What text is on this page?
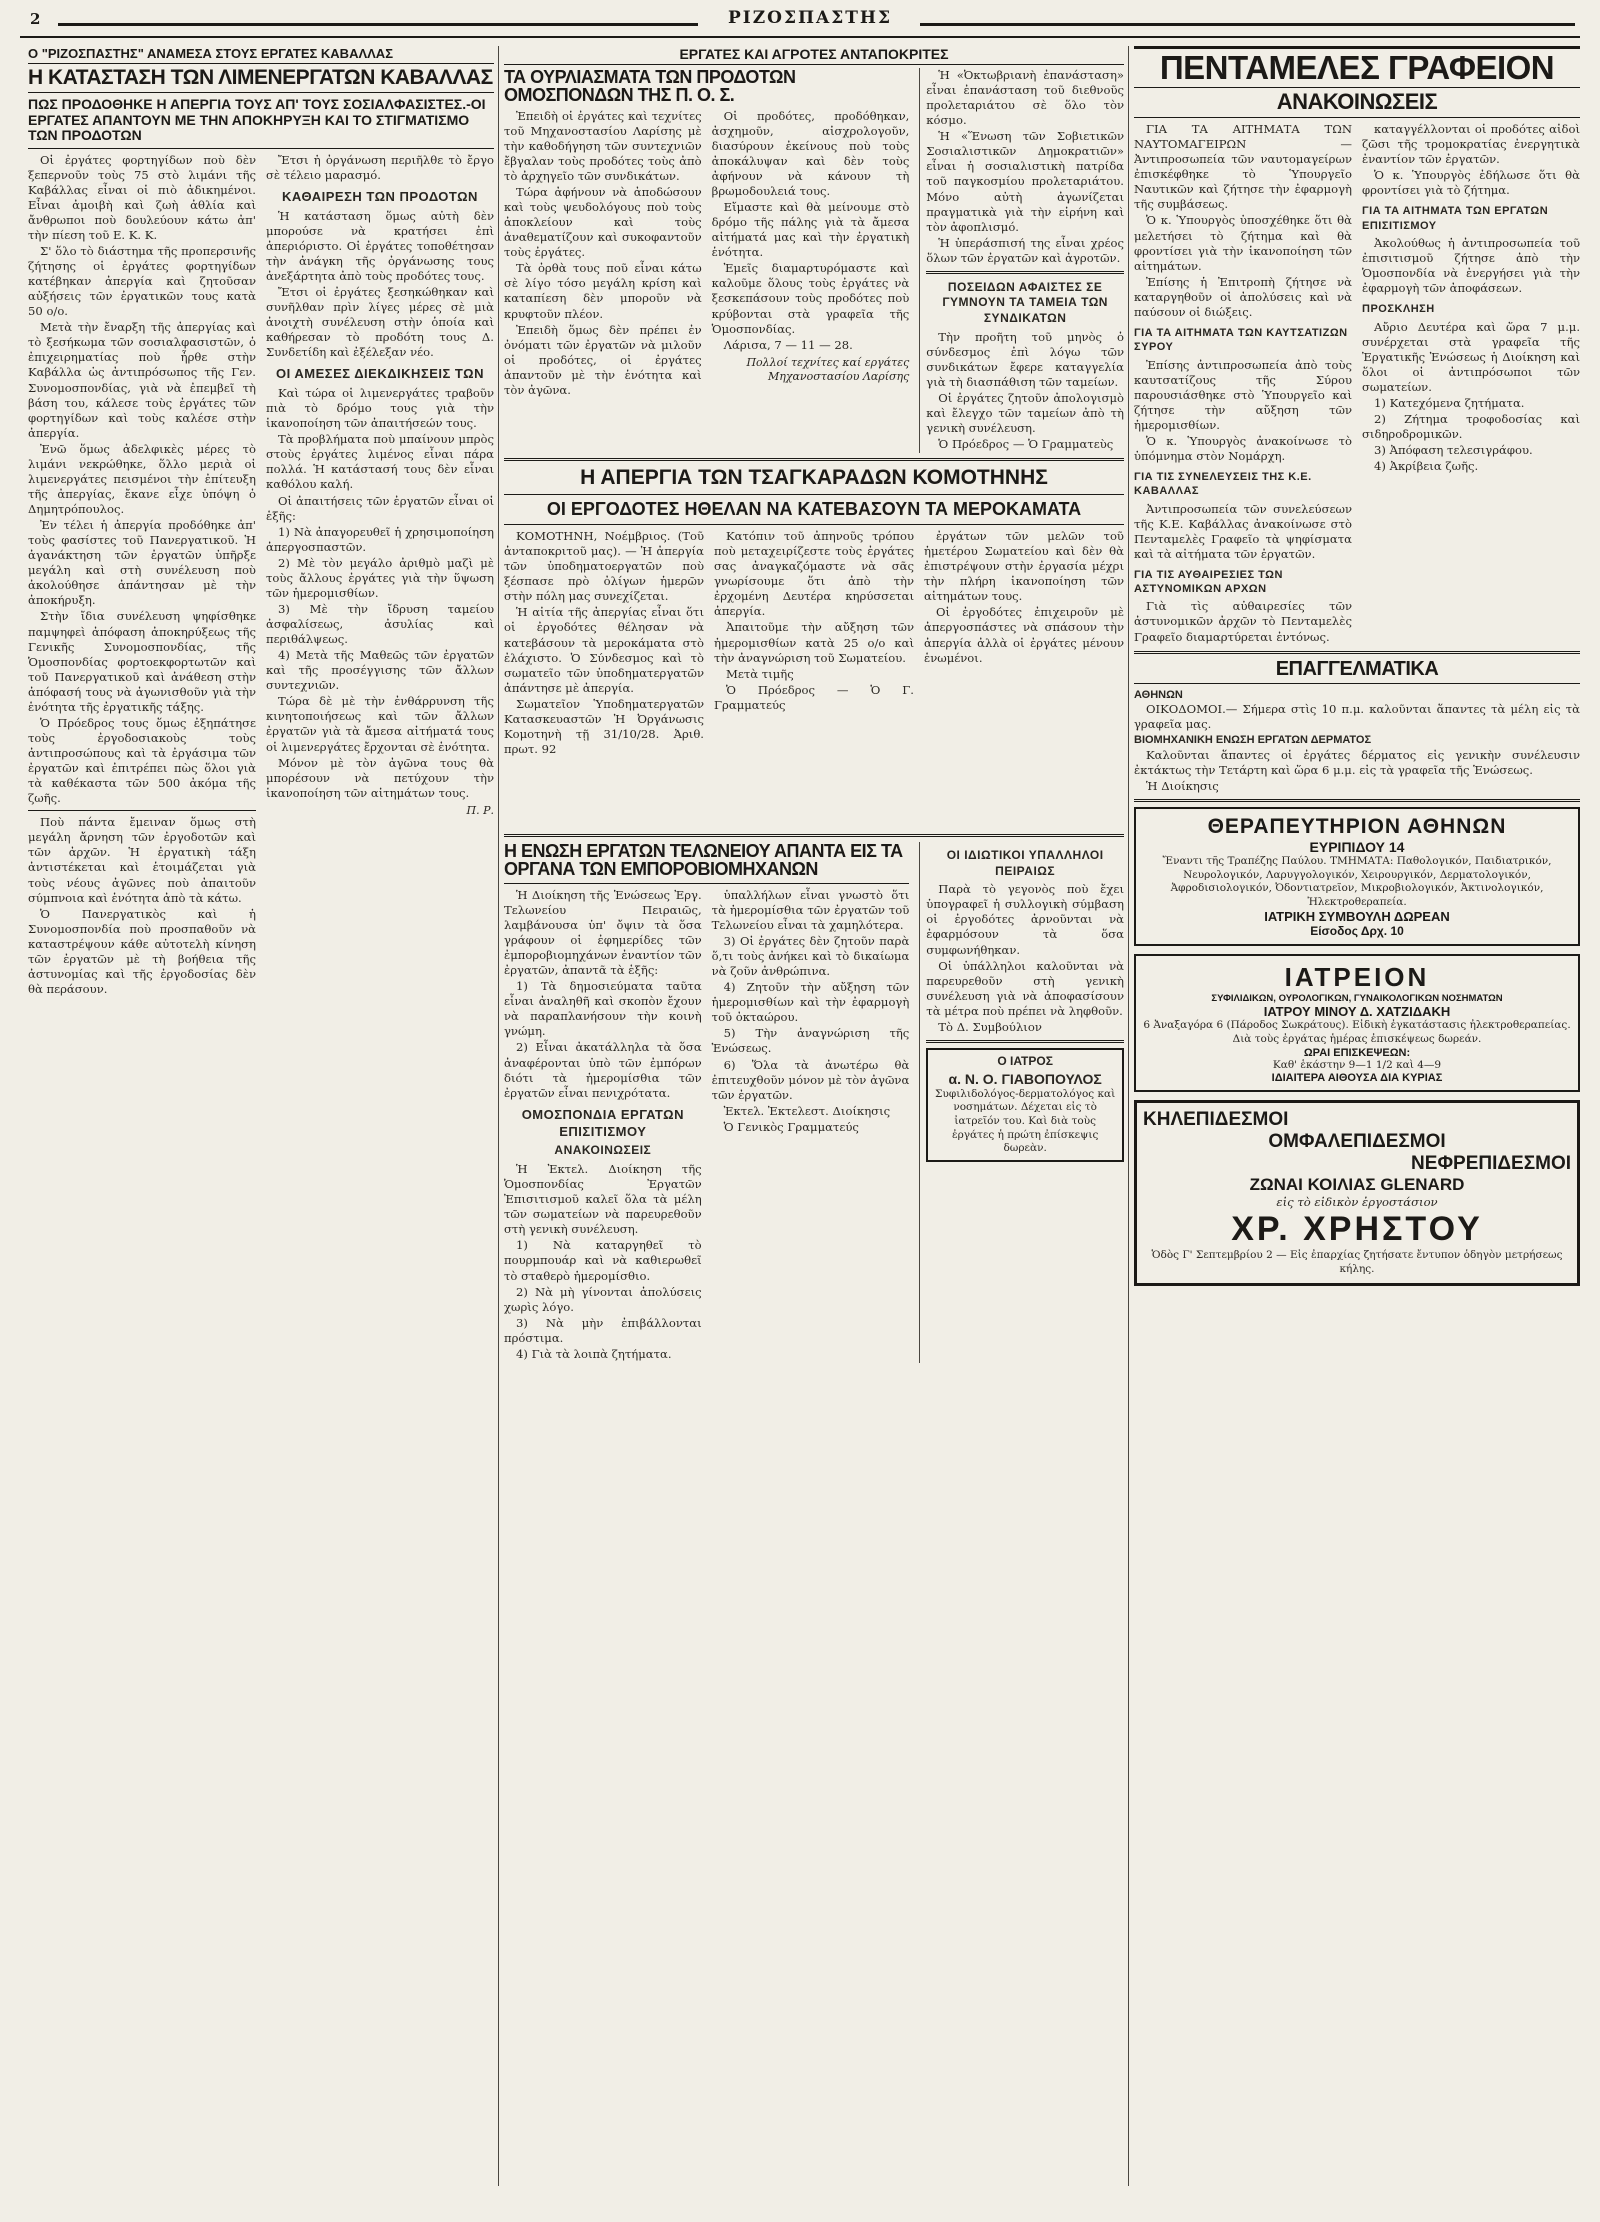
2	ΡΙΖΟΣΠΑΣΤΗΣ
Ο "ΡΙΖΟΣΠΑΣΤΗΣ" ΑΝΑΜΕΣΑ ΣΤΟΥΣ ΕΡΓΑΤΕΣ ΚΑΒΑΛΛΑΣ
Η ΚΑΤΑΣΤΑΣΗ ΤΩΝ ΛΙΜΕΝΕΡΓΑΤΩΝ ΚΑΒΑΛΛΑΣ
ΠΩΣ ΠΡΟΔΟΘΗΚΕ Η ΑΠΕΡΓΙΑ ΤΟΥΣ ΑΠ' ΤΟΥΣ ΣΟΣΙΑΛΦΑΣΙΣΤΕΣ.-ΟΙ ΕΡΓΑΤΕΣ ΑΠΑΝΤΟΥΝ ΜΕ ΤΗΝ ΑΠΟΚΗΡΥΞΗ ΚΑΙ ΤΟ ΣΤΙΓΜΑΤΙΣΜΟ ΤΩΝ ΠΡΟΔΟΤΩΝ

Οἱ ἐργάτες φορτηγίδων ποὺ δὲν ξεπερνοῦν τοὺς 75 στὸ λιμάνι τῆς Καβάλλας εἶναι οἱ πιὸ ἀδικημένοι. Εἶναι ἀμοιβὴ καὶ ζωὴ ἀθλία καὶ ἄνθρωποι ποὺ δουλεύουν κάτω ἀπ' τὴν πίεση τοῦ Ε. Κ. Κ.

Σ' ὅλο τὸ διάστημα τῆς προπερσινῆς ζήτησης οἱ ἐργάτες φορτηγίδων κατέβηκαν ἀπεργία καὶ ζητοῦσαν αὐξήσεις τῶν ἐργατικῶν τους κατὰ 50 ο/ο.

Μετὰ τὴν ἔναρξη τῆς ἀπεργίας καὶ τὸ ξεσήκωμα τῶν σοσιαλφασιστῶν, ὁ ἐπιχειρηματίας ποὺ ἦρθε στὴν Καβάλλα ὡς ἀντιπρόσωπος τῆς Γεν. Συνομοσπονδίας, γιὰ νὰ ἐπεμβεῖ τὴ βάση του, κάλεσε τοὺς ἐργάτες τῶν φορτηγίδων καὶ τοὺς καλέσε στὴν ἀπεργία.

Ἐνῶ ὅμως ἀδελφικὲς μέρες τὸ λιμάνι νεκρώθηκε, ὅλλο μεριὰ οἱ λιμενεργάτες πεισμένοι τὴν ἐπίτευξη τῆς ἀπεργίας, ἔκανε εἶχε ὑπόψη ὁ Δημητρόπουλος.

Ἐν τέλει ἡ ἀπεργία προδόθηκε ἀπ' τοὺς φασίστες τοῦ Πανεργατικοῦ. Ἡ ἀγανάκτηση τῶν ἐργατῶν ὑπῆρξε μεγάλη καὶ στὴ συνέλευση ποὺ ἀκολούθησε ἀπάντησαν μὲ τὴν ἀποκήρυξη.

Στὴν ἴδια συνέλευση ψηφίσθηκε παμψηφεὶ ἀπόφαση ἀποκηρύξεως τῆς Γενικῆς Συνομοσπονδίας, τῆς Ὁμοσπονδίας φορτοεκφορτωτῶν καὶ τοῦ Πανεργατικοῦ καὶ ἀνάθεση στὴν ἀπόφασή τους νὰ ἀγωνισθοῦν γιὰ τὴν ἑνότητα τῆς ἐργατικῆς τάξης.

Ὁ Πρόεδρος τους ὅμως ἐξηπάτησε τοὺς ἐργοδοσιακοὺς τοὺς ἀντιπροσώπους καὶ τὰ ἐργάσιμα τῶν ἐργατῶν καὶ ἐπιτρέπει πὼς ὅλοι γιὰ τὰ καθέκαστα τῶν 500 ἀκόμα τῆς ζωῆς.

Ποὺ πάντα ἔμειναν ὅμως στὴ μεγάλη ἄρνηση τῶν ἐργοδοτῶν καὶ τῶν ἀρχῶν. Ἡ ἐργατικὴ τάξη ἀντιστέκεται καὶ ἑτοιμάζεται γιὰ τοὺς νέους ἀγῶνες ποὺ ἀπαιτοῦν σύμπνοια καὶ ἑνότητα ἀπὸ τὰ κάτω.

Ὁ Πανεργατικὸς καὶ ἡ Συνομοσπονδία ποὺ προσπαθοῦν νὰ καταστρέψουν κάθε αὐτοτελὴ κίνηση τῶν ἐργατῶν μὲ τὴ βοήθεια τῆς ἀστυνομίας καὶ τῆς ἐργοδοσίας δὲν θὰ περάσουν.

Ἔτσι ἡ ὀργάνωση περιῆλθε τὸ ἔργο σὲ τέλειο μαρασμό.

ΚΑΘΑΙΡΕΣΗ ΤΩΝ ΠΡΟΔΟΤΩΝ

Ἡ κατάσταση ὅμως αὐτὴ δὲν μπορούσε νὰ κρατήσει ἐπὶ ἀπεριόριστο. Οἱ ἐργάτες τοποθέτησαν τὴν ἀνάγκη τῆς ὀργάνωσης τους ἀνεξάρτητα ἀπὸ τοὺς προδότες τους.

Ἔτσι οἱ ἐργάτες ξεσηκώθηκαν καὶ συνῆλθαν πρὶν λίγες μέρες σὲ μιὰ ἀνοιχτὴ συνέλευση στὴν ὁποία καὶ καθήρεσαν τὸ προδότη τους Δ. Συνδετίδη καὶ ἐξέλεξαν νέο.

ΟΙ ΑΜΕΣΕΣ ΔΙΕΚΔΙΚΗΣΕΙΣ ΤΩΝ

Καὶ τώρα οἱ λιμενεργάτες τραβοῦν πιὰ τὸ δρόμο τους γιὰ τὴν ἱκανοποίηση τῶν ἀπαιτήσεών τους.

Τὰ προβλήματα ποὺ μπαίνουν μπρὸς στοὺς ἐργάτες λιμένος εἶναι πάρα πολλά. Ἡ κατάστασή τους δὲν εἶναι καθόλου καλή.

Οἱ ἀπαιτήσεις τῶν ἐργατῶν εἶναι οἱ ἑξῆς:

1) Νὰ ἀπαγορευθεῖ ἡ χρησιμοποίηση ἀπεργοσπαστῶν.

2) Μὲ τὸν μεγάλο ἀριθμὸ μαζὶ μὲ τοὺς ἄλλους ἐργάτες γιὰ τὴν ὕψωση τῶν ἡμερομισθίων.

3) Μὲ τὴν ἴδρυση ταμείου ἀσφαλίσεως, ἀσυλίας καὶ περιθάλψεως.

4) Μετὰ τῆς Μαθεῶς τῶν ἐργατῶν καὶ τῆς προσέγγισης τῶν ἄλλων συντεχνιῶν.

Τώρα δὲ μὲ τὴν ἐνθάρρυνση τῆς κινητοποιήσεως καὶ τῶν ἄλλων ἐργατῶν γιὰ τὰ ἄμεσα αἰτήματά τους οἱ λιμενεργάτες ἔρχονται σὲ ἑνότητα.

Μόνον μὲ τὸν ἀγῶνα τους θὰ μπορέσουν νὰ πετύχουν τὴν ἱκανοποίηση τῶν αἰτημάτων τους.

Π. Ρ.
ΕΡΓΑΤΕΣ ΚΑΙ ΑΓΡΟΤΕΣ ΑΝΤΑΠΟΚΡΙΤΕΣ
ΤΑ ΟΥΡΛΙΑΣΜΑΤΑ ΤΩΝ ΠΡΟΔΟΤΩΝ ΟΜΟΣΠΟΝΔΩΝ ΤΗΣ Π. Ο. Σ.

Ἐπειδὴ οἱ ἐργάτες καὶ τεχνίτες τοῦ Μηχανοστασίου Λαρίσης μὲ τὴν καθοδήγηση τῶν συντεχνιῶν ἔβγαλαν τοὺς προδότες τοὺς ἀπὸ τὸ ἀρχηγεῖο τῶν συνδικάτων.

Τώρα ἀφήνουν νὰ ἀποδώσουν καὶ τοὺς ψευδολόγους ποὺ τοὺς ἀποκλείουν καὶ τοὺς ἀναθεματίζουν καὶ συκοφαντοῦν τοὺς ἐργάτες.

Τὰ ὀρθὰ τους ποῦ εἶναι κάτω σὲ λίγο τόσο μεγάλη κρίση καὶ καταπίεση δὲν μποροῦν νὰ κρυφτοῦν πλέον.

Ἐπειδὴ ὅμως δὲν πρέπει ἐν ὀνόματι τῶν ἐργατῶν νὰ μιλοῦν οἱ προδότες, οἱ ἐργάτες ἀπαντοῦν μὲ τὴν ἑνότητα καὶ τὸν ἀγῶνα.

Οἱ προδότες, προδόθηκαν, ἀσχημοῦν, αἰσχρολογοῦν, διασύρουν ἐκείνους ποὺ τοὺς ἀποκάλυψαν καὶ δὲν τοὺς ἀφήνουν νὰ κάνουν τὴ βρωμοδουλειά τους.

Εἴμαστε καὶ θὰ μείνουμε στὸ δρόμο τῆς πάλης γιὰ τὰ ἄμεσα αἰτήματά μας καὶ τὴν ἐργατικὴ ἑνότητα.

Ἐμεῖς διαμαρτυρόμαστε καὶ καλοῦμε ὅλους τοὺς ἐργάτες νὰ ξεσκεπάσουν τοὺς προδότες ποὺ κρύβονται στὰ γραφεῖα τῆς Ὁμοσπονδίας.

Λάρισα, 7 — 11 — 28.

Πολλοί τεχνίτες καί εργάτες Μηχανοστασίου Λαρίσης

Ἡ «Ὀκτωβριανὴ ἐπανάσταση» εἶναι ἐπανάσταση τοῦ διεθνοῦς προλεταριάτου σὲ ὅλο τὸν κόσμο.

Ἡ «Ἕνωση τῶν Σοβιετικῶν Σοσιαλιστικῶν Δημοκρατιῶν» εἶναι ἡ σοσιαλιστικὴ πατρίδα τοῦ παγκοσμίου προλεταριάτου. Μόνο αὐτὴ ἀγωνίζεται πραγματικὰ γιὰ τὴν εἰρήνη καὶ τὸν ἀφοπλισμό.

Ἡ ὑπεράσπισή της εἶναι χρέος ὅλων τῶν ἐργατῶν καὶ ἀγροτῶν.

ΠΟΣΕΙΔΩΝ ΑΦΑΙΣΤΕΣ ΣΕ ΓΥΜΝΟΥΝ ΤΑ ΤΑΜΕΙΑ ΤΩΝ ΣΥΝΔΙΚΑΤΩΝ

Τὴν προῆτη τοῦ μηνὸς ὁ σύνδεσμος ἐπὶ λόγω τῶν συνδικάτων ἔφερε καταγγελία γιὰ τὴ διασπάθιση τῶν ταμείων.

Οἱ ἐργάτες ζητοῦν ἀπολογισμὸ καὶ ἔλεγχο τῶν ταμείων ἀπὸ τὴ γενικὴ συνέλευση.

Ὁ Πρόεδρος — Ὁ Γραμματεὺς

Η ΑΠΕΡΓΙΑ ΤΩΝ ΤΣΑΓΚΑΡΑΔΩΝ ΚΟΜΟΤΗΝΗΣ
ΟΙ ΕΡΓΟΔΟΤΕΣ ΗΘΕΛΑΝ ΝΑ ΚΑΤΕΒΑΣΟΥΝ ΤΑ ΜΕΡΟΚΑΜΑΤΑ

ΚΟΜΟΤΗΝΗ, Νοέμβριος. (Τοῦ ἀνταποκριτοῦ μας). — Ἡ ἀπεργία τῶν ὑποδηματοεργατῶν ποὺ ξέσπασε πρὸ ὀλίγων ἡμερῶν στὴν πόλη μας συνεχίζεται.

Ἡ αἰτία τῆς ἀπεργίας εἶναι ὅτι οἱ ἐργοδότες θέλησαν νὰ κατεβάσουν τὰ μεροκάματα στὸ ἐλάχιστο. Ὁ Σύνδεσμος καὶ τὸ σωματεῖο τῶν ὑποδηματεργατῶν ἀπάντησε μὲ ἀπεργία.

Σωματεῖον Ὑποδηματεργατῶν Κατασκευαστῶν Ἡ Ὀργάνωσις Κομοτηνὴ τῇ 31/10/28. Ἀριθ. πρωτ. 92

Κατόπιν τοῦ ἀπηνοῦς τρόπου ποὺ μεταχειρίζεστε τοὺς ἐργάτες σας ἀναγκαζόμαστε νὰ σᾶς γνωρίσουμε ὅτι ἀπὸ τὴν ἐρχομένη Δευτέρα κηρύσσεται ἀπεργία.

Ἀπαιτοῦμε τὴν αὔξηση τῶν ἡμερομισθίων κατὰ 25 ο/ο καὶ τὴν ἀναγνώριση τοῦ Σωματείου.

Μετὰ τιμῆς

Ὁ Πρόεδρος — Ὁ Γ. Γραμματεύς

ἐργάτων τῶν μελῶν τοῦ ἡμετέρου Σωματείου καὶ δὲν θὰ ἐπιστρέψουν στὴν ἐργασία μέχρι τὴν πλήρη ἱκανοποίηση τῶν αἰτημάτων τους.

Οἱ ἐργοδότες ἐπιχειροῦν μὲ ἀπεργοσπάστες νὰ σπάσουν τὴν ἀπεργία ἀλλὰ οἱ ἐργάτες μένουν ἑνωμένοι.

Η ΕΝΩΣΗ ΕΡΓΑΤΩΝ ΤΕΛΩΝΕΙΟΥ ΑΠΑΝΤΑ ΕΙΣ ΤΑ ΟΡΓΑΝΑ ΤΩΝ ΕΜΠΟΡΟΒΙΟΜΗΧΑΝΩΝ

Ἡ Διοίκηση τῆς Ἑνώσεως Ἐργ. Τελωνείου Πειραιῶς, λαμβάνουσα ὑπ' ὄψιν τὰ ὅσα γράφουν οἱ ἐφημερίδες τῶν ἐμποροβιομηχάνων ἐναντίον τῶν ἐργατῶν, ἀπαντᾶ τὰ ἑξῆς:

1) Τὰ δημοσιεύματα ταῦτα εἶναι ἀναληθῆ καὶ σκοπὸν ἔχουν νὰ παραπλανήσουν τὴν κοινὴ γνώμη.

2) Εἶναι ἀκατάλληλα τὰ ὅσα ἀναφέρονται ὑπὸ τῶν ἐμπόρων διότι τὰ ἡμερομίσθια τῶν ἐργατῶν εἶναι πενιχρότατα.

ΟΜΟΣΠΟΝΔΙΑ ΕΡΓΑΤΩΝ ΕΠΙΣΙΤΙΣΜΟΥ
ΑΝΑΚΟΙΝΩΣΕΙΣ

Ἡ Ἐκτελ. Διοίκηση τῆς Ὁμοσπονδίας Ἐργατῶν Ἐπισιτισμοῦ καλεῖ ὅλα τὰ μέλη τῶν σωματείων νὰ παρευρεθοῦν στὴ γενικὴ συνέλευση.

1) Νὰ καταργηθεῖ τὸ πουρμπουάρ καὶ νὰ καθιερωθεῖ τὸ σταθερὸ ἡμερομίσθιο.

2) Νὰ μὴ γίνονται ἀπολύσεις χωρὶς λόγο.

3) Νὰ μὴν ἐπιβάλλονται πρόστιμα.

4) Γιὰ τὰ λοιπὰ ζητήματα.

ὑπαλλήλων εἶναι γνωστὸ ὅτι τὰ ἡμερομίσθια τῶν ἐργατῶν τοῦ Τελωνείου εἶναι τὰ χαμηλότερα.

3) Οἱ ἐργάτες δὲν ζητοῦν παρὰ ὅ,τι τοὺς ἀνήκει καὶ τὸ δικαίωμα νὰ ζοῦν ἀνθρώπινα.

4) Ζητοῦν τὴν αὔξηση τῶν ἡμερομισθίων καὶ τὴν ἐφαρμογὴ τοῦ ὀκταώρου.

5) Τὴν ἀναγνώριση τῆς Ἑνώσεως.

6) Ὅλα τὰ ἀνωτέρω θὰ ἐπιτευχθοῦν μόνον μὲ τὸν ἀγῶνα τῶν ἐργατῶν.

Ἐκτελ. Ἐκτελεστ. Διοίκησις

Ὁ Γενικὸς Γραμματεύς

ΟΙ ΙΔΙΩΤΙΚΟΙ ΥΠΑΛΛΗΛΟΙ ΠΕΙΡΑΙΩΣ

Παρὰ τὸ γεγονὸς ποὺ ἔχει ὑπογραφεῖ ἡ συλλογικὴ σύμβαση οἱ ἐργοδότες ἀρνοῦνται νὰ ἐφαρμόσουν τὰ ὅσα συμφωνήθηκαν.

Οἱ ὑπάλληλοι καλοῦνται νὰ παρευρεθοῦν στὴ γενικὴ συνέλευση γιὰ νὰ ἀποφασίσουν τὰ μέτρα ποὺ πρέπει νὰ ληφθοῦν.

Τὸ Δ. Συμβούλιον

Ο ΙΑΤΡΟΣ
α. Ν. Ο. ΓΙΑΒΟΠΟΥΛΟΣ
Συφιλιδολόγος-δερματολόγος καὶ νοσημάτων. Δέχεται εἰς τὸ ἰατρεῖόν του. Καὶ διὰ τοὺς ἐργάτες ἡ πρώτη ἐπίσκεψις δωρεὰν.
ΠΕΝΤΑΜΕΛΕΣ ΓΡΑΦΕΙΟΝ
ΑΝΑΚΟΙΝΩΣΕΙΣ

ΓΙΑ ΤΑ ΑΙΤΗΜΑΤΑ ΤΩΝ ΝΑΥΤΟΜΑΓΕΙΡΩΝ — Ἀντιπροσωπεία τῶν ναυτομαγείρων ἐπισκέφθηκε τὸ Ὑπουργεῖο Ναυτικῶν καὶ ζήτησε τὴν ἐφαρμογὴ τῆς συμβάσεως.

Ὁ κ. Ὑπουργὸς ὑποσχέθηκε ὅτι θὰ μελετήσει τὸ ζήτημα καὶ θὰ φροντίσει γιὰ τὴν ἱκανοποίηση τῶν αἰτημάτων.

Ἐπίσης ἡ Ἐπιτροπὴ ζήτησε νὰ καταργηθοῦν οἱ ἀπολύσεις καὶ νὰ παύσουν οἱ διώξεις.

ΓΙΑ ΤΑ ΑΙΤΗΜΑΤΑ ΤΩΝ ΚΑΥΤΣΑΤΙΖΩΝ ΣΥΡΟΥ

Ἐπίσης ἀντιπροσωπεία ἀπὸ τοὺς καυτσατίζους τῆς Σύρου παρουσιάσθηκε στὸ Ὑπουργεῖο καὶ ζήτησε τὴν αὔξηση τῶν ἡμερομισθίων.

Ὁ κ. Ὑπουργὸς ἀνακοίνωσε τὸ ὑπόμνημα στὸν Νομάρχη.

ΓΙΑ ΤΙΣ ΣΥΝΕΛΕΥΣΕΙΣ ΤΗΣ Κ.Ε. ΚΑΒΑΛΛΑΣ

Ἀντιπροσωπεία τῶν συνελεύσεων τῆς Κ.Ε. Καβάλλας ἀνακοίνωσε στὸ Πενταμελὲς Γραφεῖο τὰ ψηφίσματα καὶ τὰ αἰτήματα τῶν ἐργατῶν.

ΓΙΑ ΤΙΣ ΑΥΘΑΙΡΕΣΙΕΣ ΤΩΝ ΑΣΤΥΝΟΜΙΚΩΝ ΑΡΧΩΝ

Γιὰ τὶς αὐθαιρεσίες τῶν ἀστυνομικῶν ἀρχῶν τὸ Πενταμελὲς Γραφεῖο διαμαρτύρεται ἐντόνως.

καταγγέλλονται οἱ προδότες αἰδοὶ ζῶσι τῆς τρομοκρατίας ἐνεργητικὰ ἐναντίον τῶν ἐργατῶν.

Ὁ κ. Ὑπουργὸς ἐδήλωσε ὅτι θὰ φροντίσει γιὰ τὸ ζήτημα.

ΓΙΑ ΤΑ ΑΙΤΗΜΑΤΑ ΤΩΝ ΕΡΓΑΤΩΝ ΕΠΙΣΙΤΙΣΜΟΥ

Ἀκολούθως ἡ ἀντιπροσωπεία τοῦ ἐπισιτισμοῦ ζήτησε ἀπὸ τὴν Ὁμοσπονδία νὰ ἐνεργήσει γιὰ τὴν ἐφαρμογὴ τῶν ἀποφάσεων.

ΠΡΟΣΚΛΗΣΗ

Αὔριο Δευτέρα καὶ ὥρα 7 μ.μ. συνέρχεται στὰ γραφεῖα τῆς Ἐργατικῆς Ἑνώσεως ἡ Διοίκηση καὶ ὅλοι οἱ ἀντιπρόσωποι τῶν σωματείων.

1) Κατεχόμενα ζητήματα.

2) Ζήτημα τροφοδοσίας καὶ σιδηροδρομικῶν.

3) Ἀπόφαση τελεσιγράφου.

4) Ἀκρίβεια ζωῆς.

ΕΠΑΓΓΕΛΜΑΤΙΚΑ
ΑΘΗΝΩΝ

ΟΙΚΟΔΟΜΟΙ.— Σήμερα στὶς 10 π.μ. καλοῦνται ἅπαντες τὰ μέλη εἰς τὰ γραφεῖα μας.

ΒΙΟΜΗΧΑΝΙΚΗ ΕΝΩΣΗ ΕΡΓΑΤΩΝ ΔΕΡΜΑΤΟΣ

Καλοῦνται ἅπαντες οἱ ἐργάτες δέρματος εἰς γενικὴν συνέλευσιν ἐκτάκτως τὴν Τετάρτη καὶ ὥρα 6 μ.μ. εἰς τὰ γραφεῖα τῆς Ἑνώσεως.

Ἡ Διοίκησις

ΘΕΡΑΠΕΥΤΗΡΙΟΝ ΑΘΗΝΩΝ
ΕΥΡΙΠΙΔΟΥ 14
Ἔναντι τῆς Τραπέζης Παύλου. ΤΜΗΜΑΤΑ: Παθολογικόν, Παιδιατρικόν, Νευρολογικόν, Λαρυγγολογικόν, Χειρουργικόν, Δερματολογικόν, Ἀφροδισιολογικόν, Ὀδοντιατρεῖον, Μικροβιολογικόν, Ἀκτινολογικόν, Ἠλεκτροθεραπεία.
ΙΑΤΡΙΚΗ ΣΥΜΒΟΥΛΗ ΔΩΡΕΑΝ
Είσοδος Δρχ. 10
ΙΑΤΡΕΙΟΝ
ΣΥΦΙΛΙΔΙΚΩΝ, ΟΥΡΟΛΟΓΙΚΩΝ, ΓΥΝΑΙΚΟΛΟΓΙΚΩΝ ΝΟΣΗΜΑΤΩΝ
ΙΑΤΡΟΥ ΜΙΝΟΥ Δ. ΧΑΤΖΙΔΑΚΗ
6 Ἀναξαγόρα 6 (Πάροδος Σωκράτους). Εἰδικὴ ἐγκατάστασις ἠλεκτροθεραπείας. Διὰ τοὺς ἐργάτας ἡμέρας ἐπισκέψεως δωρεάν.
ΩΡΑΙ ΕΠΙΣΚΕΨΕΩΝ:
Καθ' ἑκάστην 9—1 1/2 καὶ 4—9
ΙΔΙΑΙΤΕΡΑ ΑΙΘΟΥΣΑ ΔΙΑ ΚΥΡΙΑΣ
ΚΗΛΕΠΙΔΕΣΜΟΙ
ΟΜΦΑΛΕΠΙΔΕΣΜΟΙ
ΝΕΦΡΕΠΙΔΕΣΜΟΙ
ΖΩΝΑΙ ΚΟΙΛΙΑΣ GLENARD
εἰς τὸ εἰδικὸν ἐργοστάσιον
ΧΡ. ΧΡΗΣΤΟΥ
Ὁδὸς Γ' Σεπτεμβρίου 2 — Εἰς ἐπαρχίας ζητήσατε ἔντυπον ὁδηγὸν μετρήσεως κήλης.
